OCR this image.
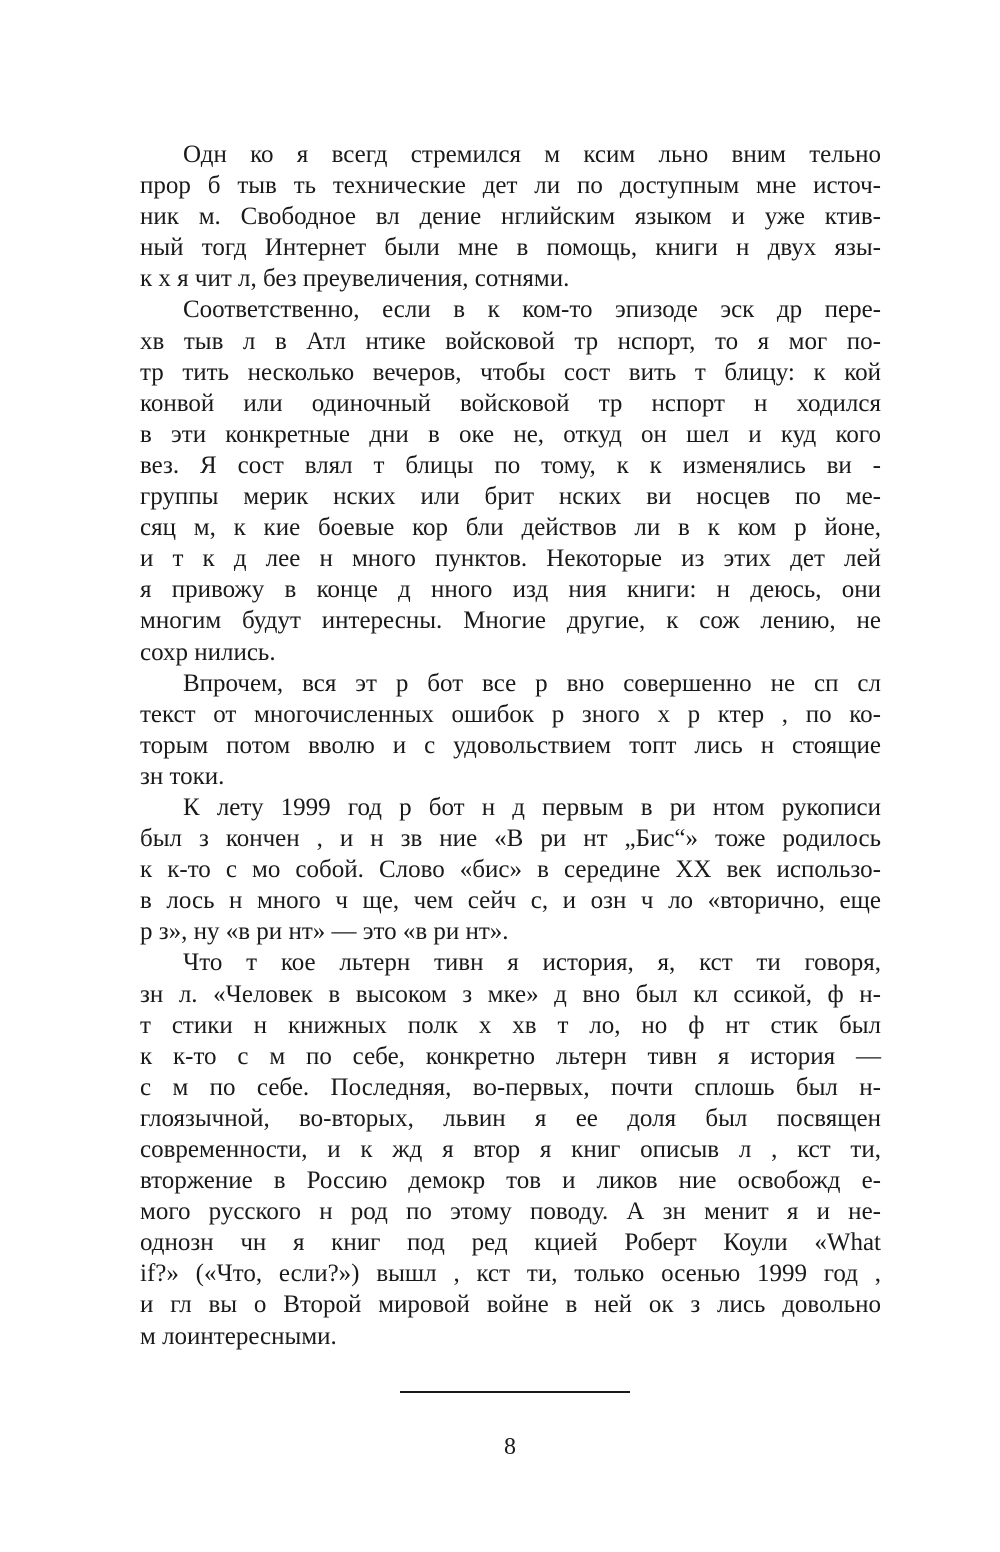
Одн ко я всегд стремился м ксим льно вним тельно
прор б тыв ть технические дет ли по доступным мне источ-
ник м. Свободное вл дение нглийским языком и уже ктив-
ный тогд Интернет были мне в помощь, книги н двух язы-
к х я чит л, без преувеличения, сотнями.
Соответственно, если в к ком-то эпизоде эск др пере-
хв тыв л в Атл нтике войсковой тр нспорт, то я мог по-
тр тить несколько вечеров, чтобы сост вить т блицу: к кой
конвой или одиночный войсковой тр нспорт н ходился
в эти конкретные дни в оке не, откуд он шел и куд кого
вез. Я сост влял т блицы по тому, к к изменялись ви -
группы мерик нских или брит нских ви носцев по ме-
сяц м, к кие боевые кор бли действов ли в к ком р йоне,
и т к д лее н много пунктов. Некоторые из этих дет лей
я привожу в конце д нного изд ния книги: н деюсь, они
многим будут интересны. Многие другие, к сож лению, не
сохр нились.
Впрочем, вся эт р бот все р вно совершенно не сп сл
текст от многочисленных ошибок р зного х р ктер , по ко-
торым потом вволю и с удовольствием топт лись н стоящие
зн токи.
К лету 1999 год р бот н д первым в ри нтом рукописи
был з кончен , и н зв ние «В ри нт „Бис“» тоже родилось
к к-то с мо собой. Слово «бис» в середине XX век использо-
в лось н много ч ще, чем сейч с, и озн ч ло «вторично, еще
р з», ну «в ри нт» — это «в ри нт».
Что т кое льтерн тивн я история, я, кст ти говоря,
зн л. «Человек в высоком з мке» д вно был кл ссикой, ф н-
т стики н книжных полк х хв т ло, но ф нт стик был
к к-то с м по себе, конкретно льтерн тивн я история —
с м по себе. Последняя, во-первых, почти сплошь был н-
глоязычной, во-вторых, львин я ее доля был посвящен
современности, и к жд я втор я книг описыв л , кст ти,
вторжение в Россию демокр тов и ликов ние освобожд е-
мого русского н род по этому поводу. А зн менит я и не-
однозн чн я книг под ред кцией Роберт Коули «What
if?» («Что, если?») вышл , кст ти, только осенью 1999 год ,
и гл вы о Второй мировой войне в ней ок з лись довольно
м лоинтересными.
8
